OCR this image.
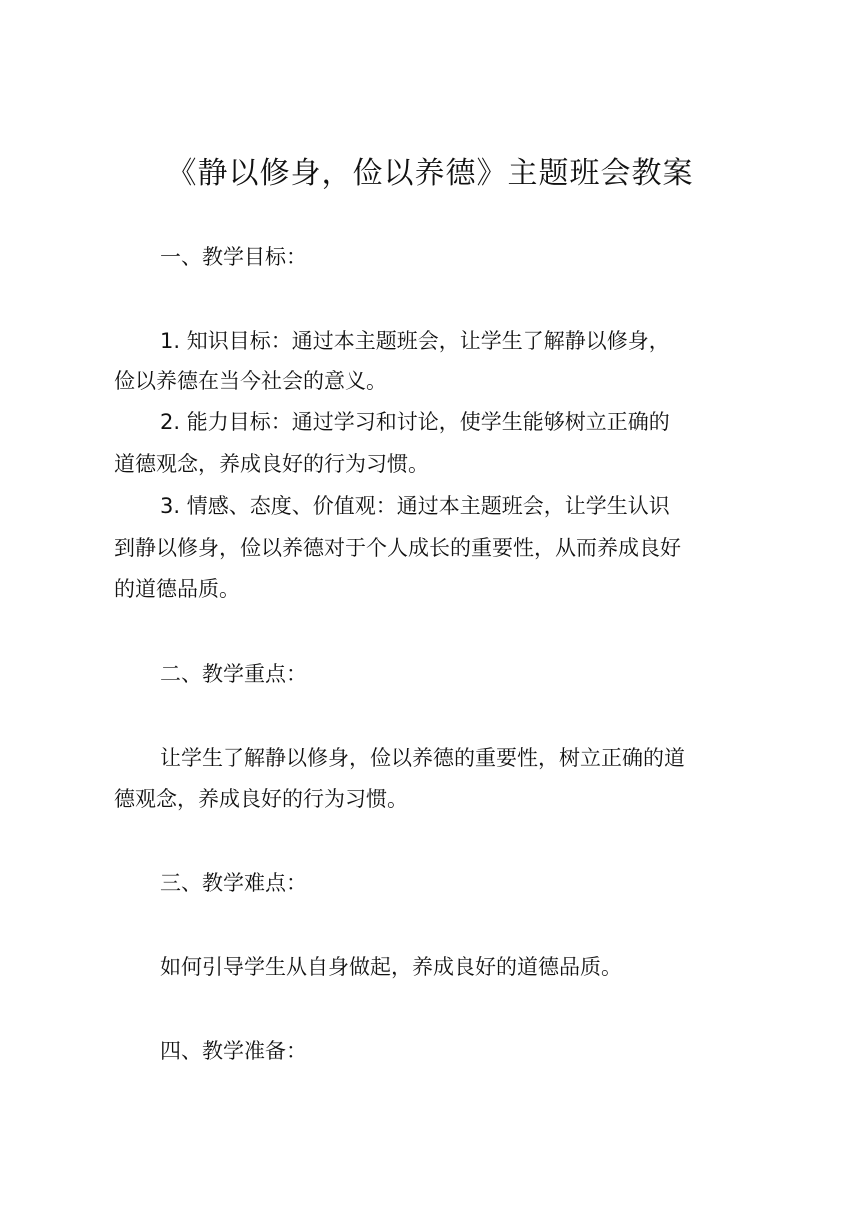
《静以修身，俭以养德》主题班会教案
一、教学目标：
1. 知识目标：通过本主题班会，让学生了解静以修身，
俭以养德在当今社会的意义。
2. 能力目标：通过学习和讨论，使学生能够树立正确的
道德观念，养成良好的行为习惯。
3. 情感、态度、价值观：通过本主题班会，让学生认识
到静以修身，俭以养德对于个人成长的重要性，从而养成良好
的道德品质。
二、教学重点：
让学生了解静以修身，俭以养德的重要性，树立正确的道
德观念，养成良好的行为习惯。
三、教学难点：
如何引导学生从自身做起，养成良好的道德品质。
四、教学准备：
